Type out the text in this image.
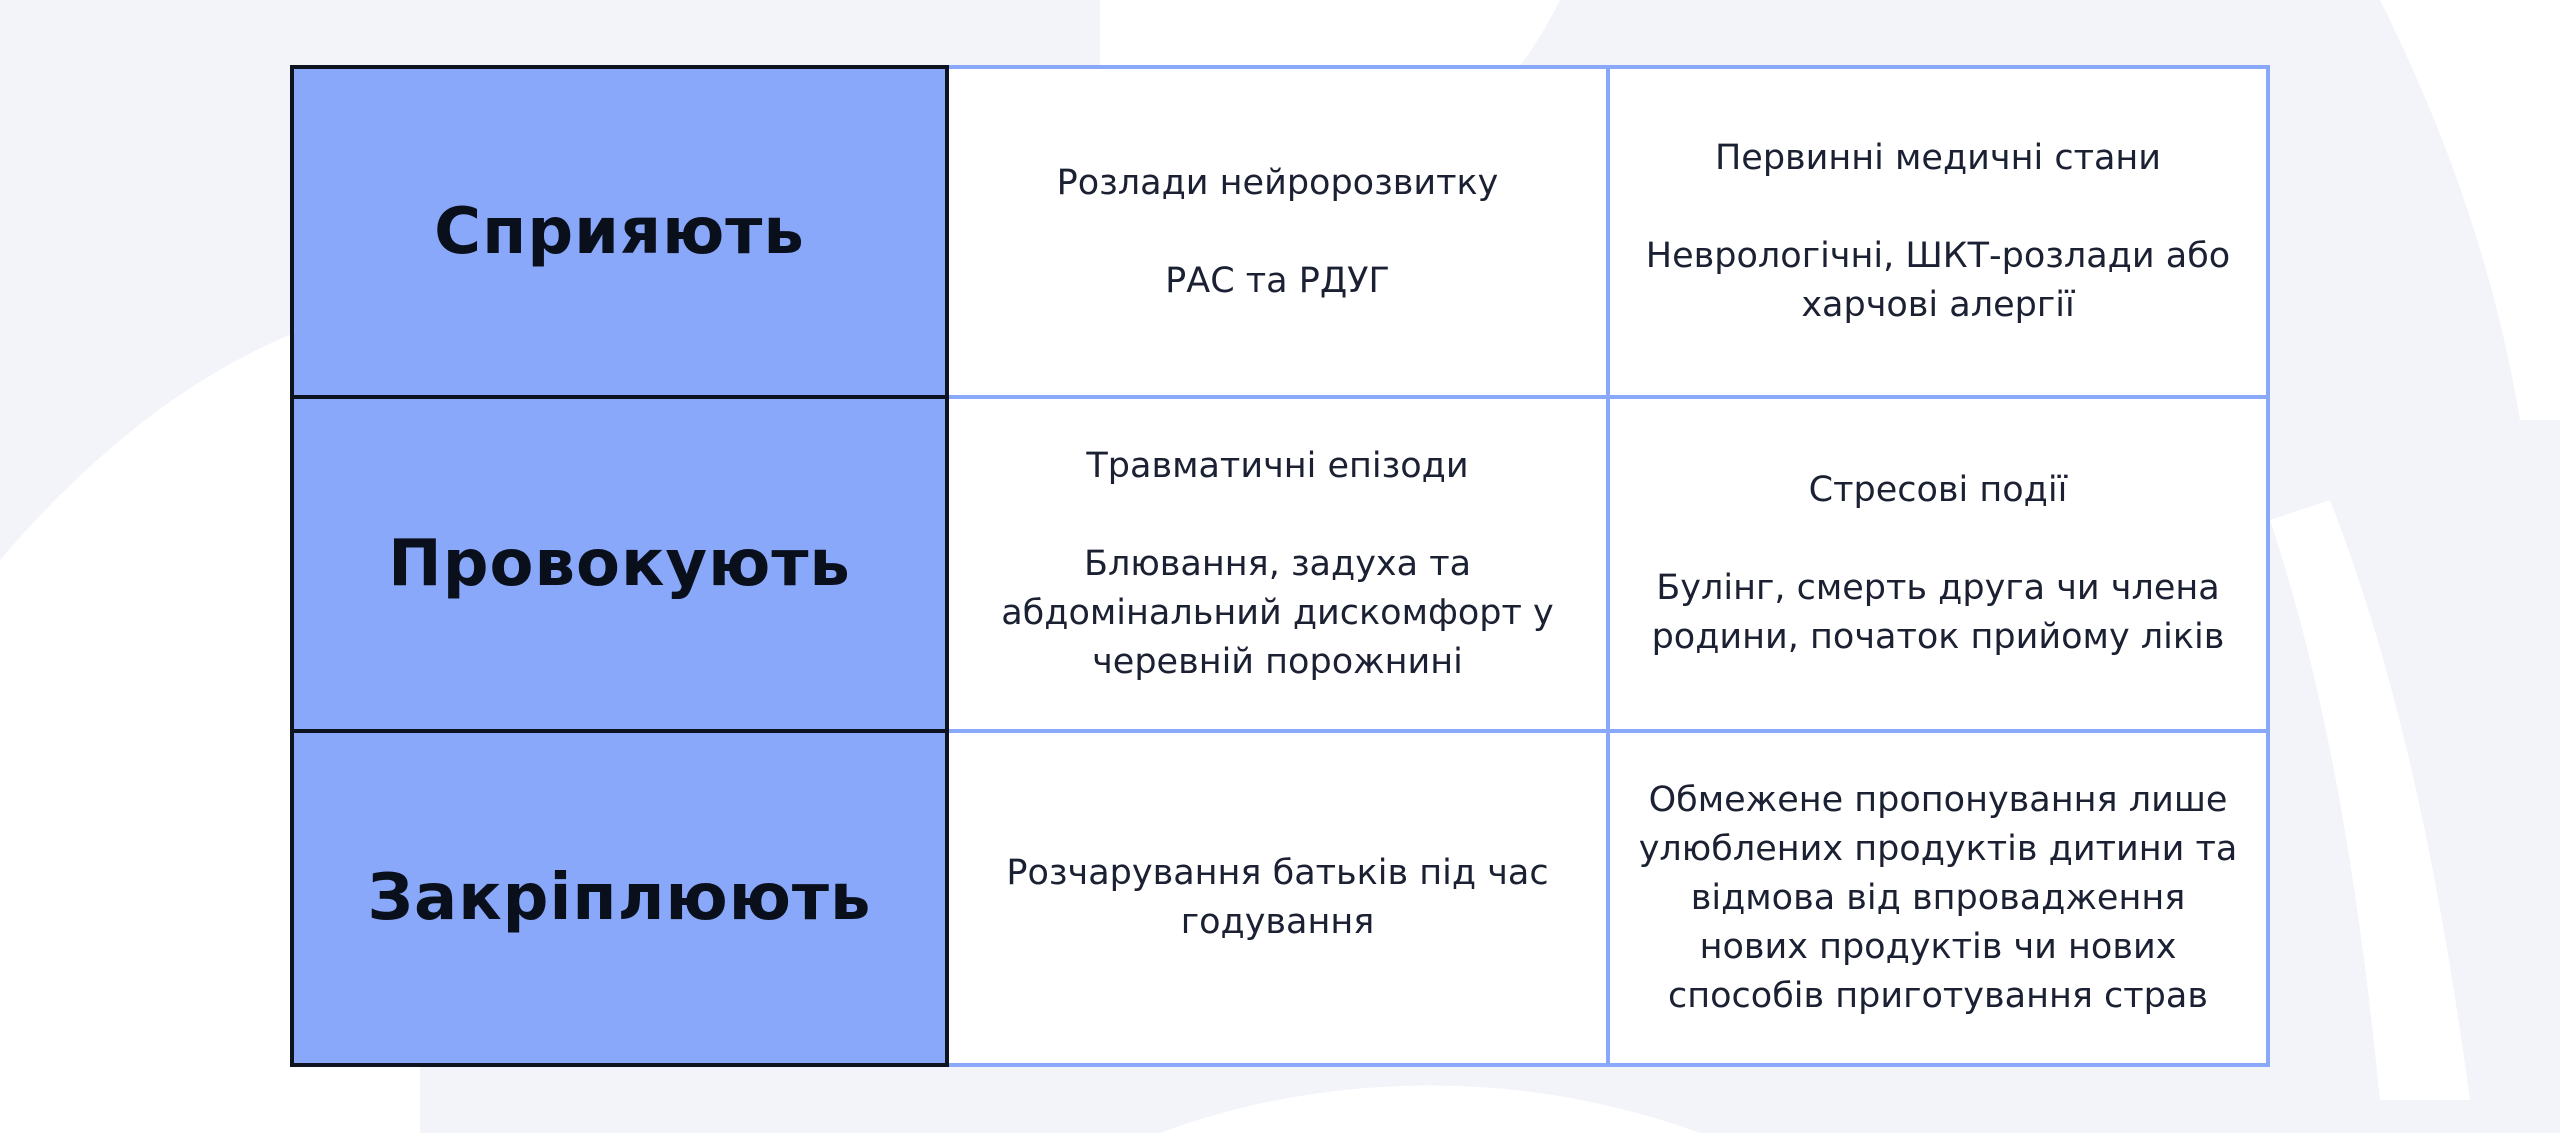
Сприяють

Розлади нейророзвитку

РАС та РДУГ

Первинні медичні стани

Неврологічні, ШКТ-розлади або харчові алергії

Провокують

Травматичні епізоди

Блювання, задуха та абдомінальний дискомфорт у черевній порожнині

Стресові події

Булінг, смерть друга чи члена родини, початок прийому ліків

Закріплюють	Розчарування батьків під час годування

Обмежене пропонування лише улюблених продуктів дитини та відмова від впровадження нових продуктів чи нових способів приготування страв
